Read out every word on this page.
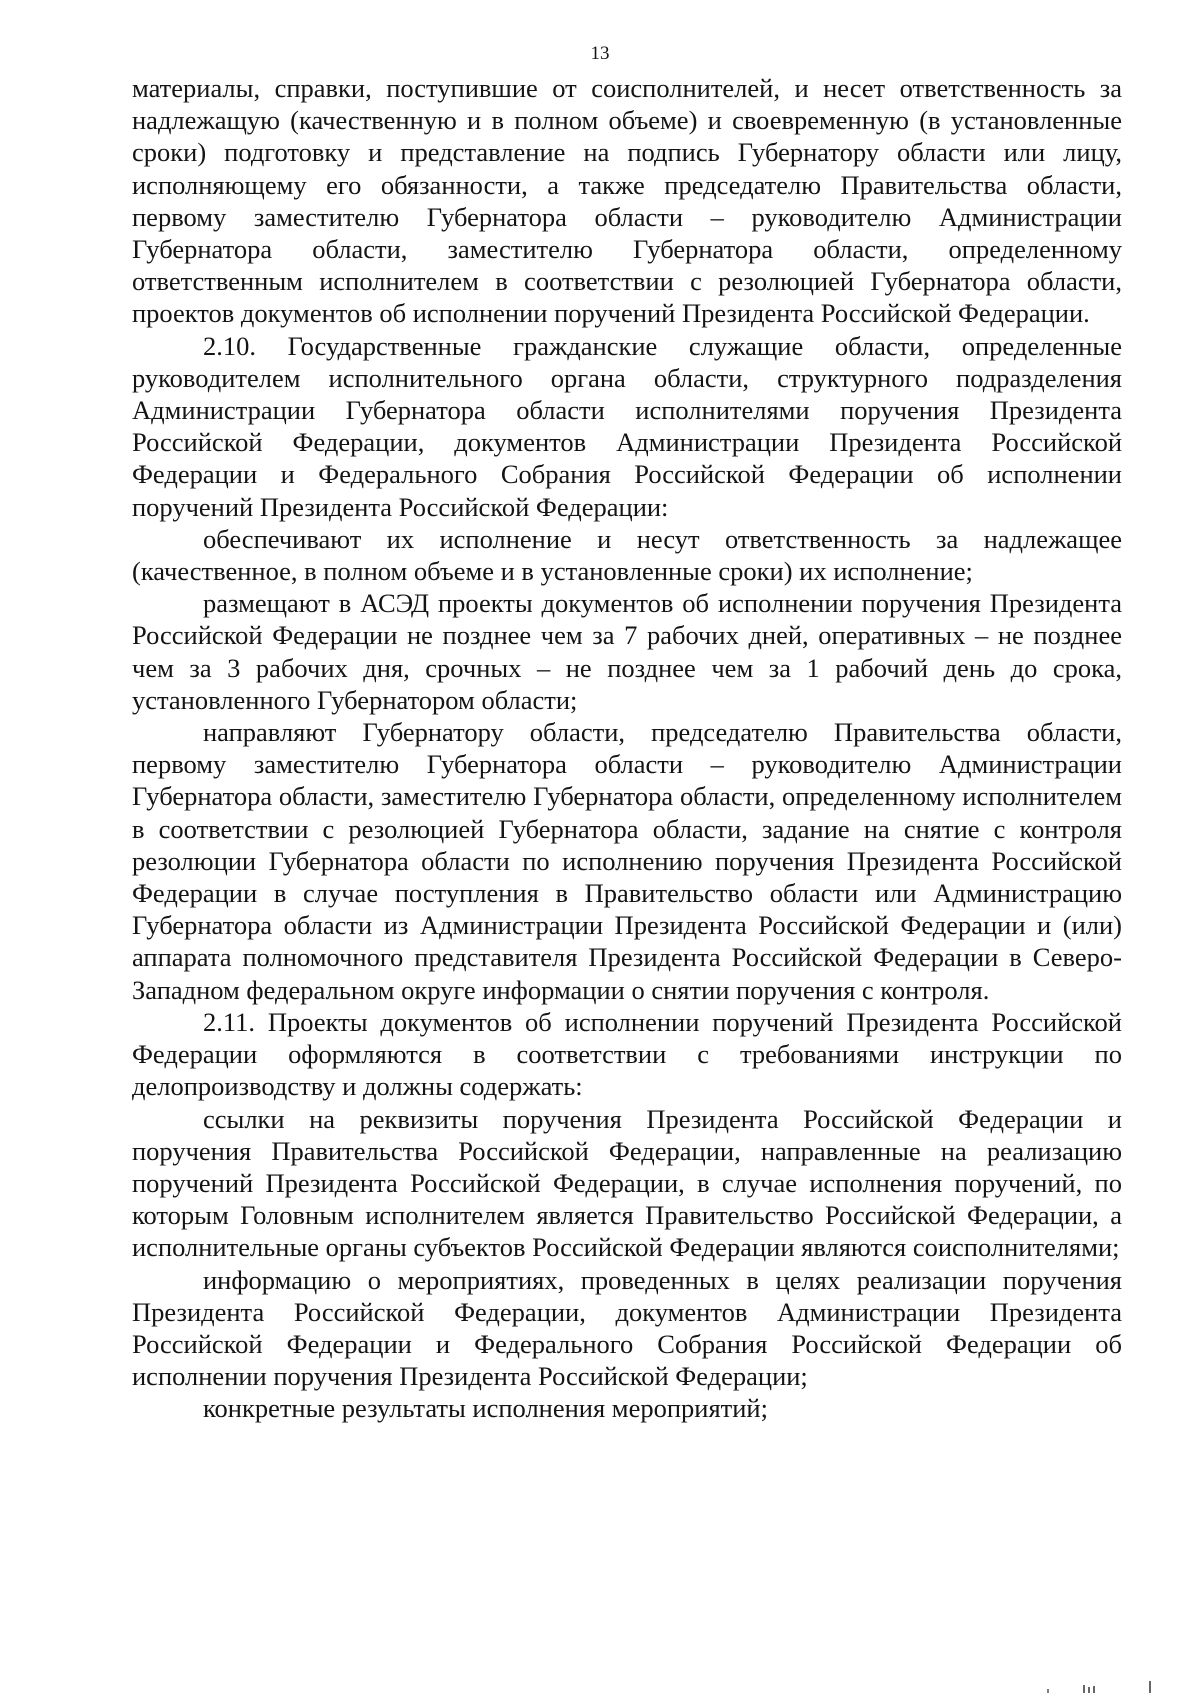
13

материалы, справки, поступившие от соисполнителей, и несет ответственность за надлежащую (качественную и в полном объеме) и своевременную (в установленные сроки) подготовку и представление на подпись Губернатору области или лицу, исполняющему его обязанности, а также председателю Правительства области, первому заместителю Губернатора области – руководителю Администрации Губернатора области, заместителю Губернатора области, определенному ответственным исполнителем в соответствии с резолюцией Губернатора области, проектов документов об исполнении поручений Президента Российской Федерации.

2.10. Государственные гражданские служащие области, определенные руководителем исполнительного органа области, структурного подразделения Администрации Губернатора области исполнителями поручения Президента Российской Федерации, документов Администрации Президента Российской Федерации и Федерального Собрания Российской Федерации об исполнении поручений Президента Российской Федерации:

обеспечивают их исполнение и несут ответственность за надлежащее (качественное, в полном объеме и в установленные сроки) их исполнение;

размещают в АСЭД проекты документов об исполнении поручения Президента Российской Федерации не позднее чем за 7 рабочих дней, оперативных – не позднее чем за 3 рабочих дня, срочных – не позднее чем за 1 рабочий день до срока, установленного Губернатором области;

направляют Губернатору области, председателю Правительства области, первому заместителю Губернатора области – руководителю Администрации Губернатора области, заместителю Губернатора области, определенному исполнителем в соответствии с резолюцией Губернатора области, задание на снятие с контроля резолюции Губернатора области по исполнению поручения Президента Российской Федерации в случае поступления в Правительство области или Администрацию Губернатора области из Администрации Президента Российской Федерации и (или) аппарата полномочного представителя Президента Российской Федерации в Северо-Западном федеральном округе информации о снятии поручения с контроля.

2.11. Проекты документов об исполнении поручений Президента Российской Федерации оформляются в соответствии с требованиями инструкции по делопроизводству и должны содержать:

ссылки на реквизиты поручения Президента Российской Федерации и поручения Правительства Российской Федерации, направленные на реализацию поручений Президента Российской Федерации, в случае исполнения поручений, по которым Головным исполнителем является Правительство Российской Федерации, а исполнительные органы субъектов Российской Федерации являются соисполнителями;

информацию о мероприятиях, проведенных в целях реализации поручения Президента Российской Федерации, документов Администрации Президента Российской Федерации и Федерального Собрания Российской Федерации об исполнении поручения Президента Российской Федерации;

конкретные результаты исполнения мероприятий;
